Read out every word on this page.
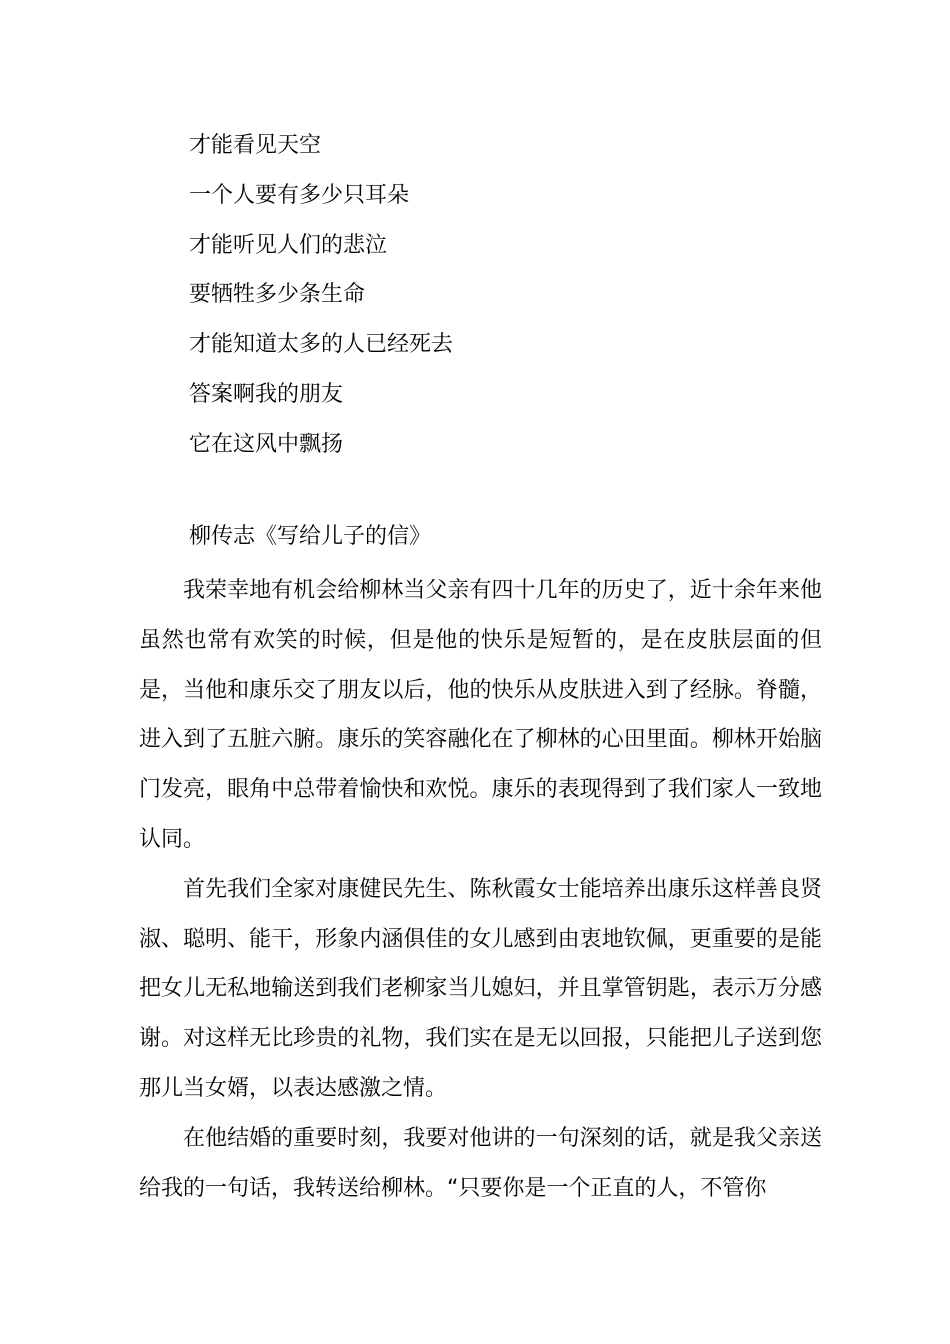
才能看见天空
一个人要有多少只耳朵
才能听见人们的悲泣
要牺牲多少条生命
才能知道太多的人已经死去
答案啊我的朋友
它在这风中飘扬
柳传志《写给儿子的信》

我荣幸地有机会给柳林当父亲有四十几年的历史了，近十余年来他虽然也常有欢笑的时候，但是他的快乐是短暂的，是在皮肤层面的但是，当他和康乐交了朋友以后，他的快乐从皮肤进入到了经脉。脊髓，进入到了五脏六腑。康乐的笑容融化在了柳林的心田里面。柳林开始脑门发亮，眼角中总带着愉快和欢悦。康乐的表现得到了我们家人一致地认同。

首先我们全家对康健民先生、陈秋霞女士能培养出康乐这样善良贤淑、聪明、能干，形象内涵俱佳的女儿感到由衷地钦佩，更重要的是能把女儿无私地输送到我们老柳家当儿媳妇，并且掌管钥匙，表示万分感谢。对这样无比珍贵的礼物，我们实在是无以回报，只能把儿子送到您那儿当女婿，以表达感激之情。

在他结婚的重要时刻，我要对他讲的一句深刻的话，就是我父亲送给我的一句话，我转送给柳林。“只要你是一个正直的人，不管你
